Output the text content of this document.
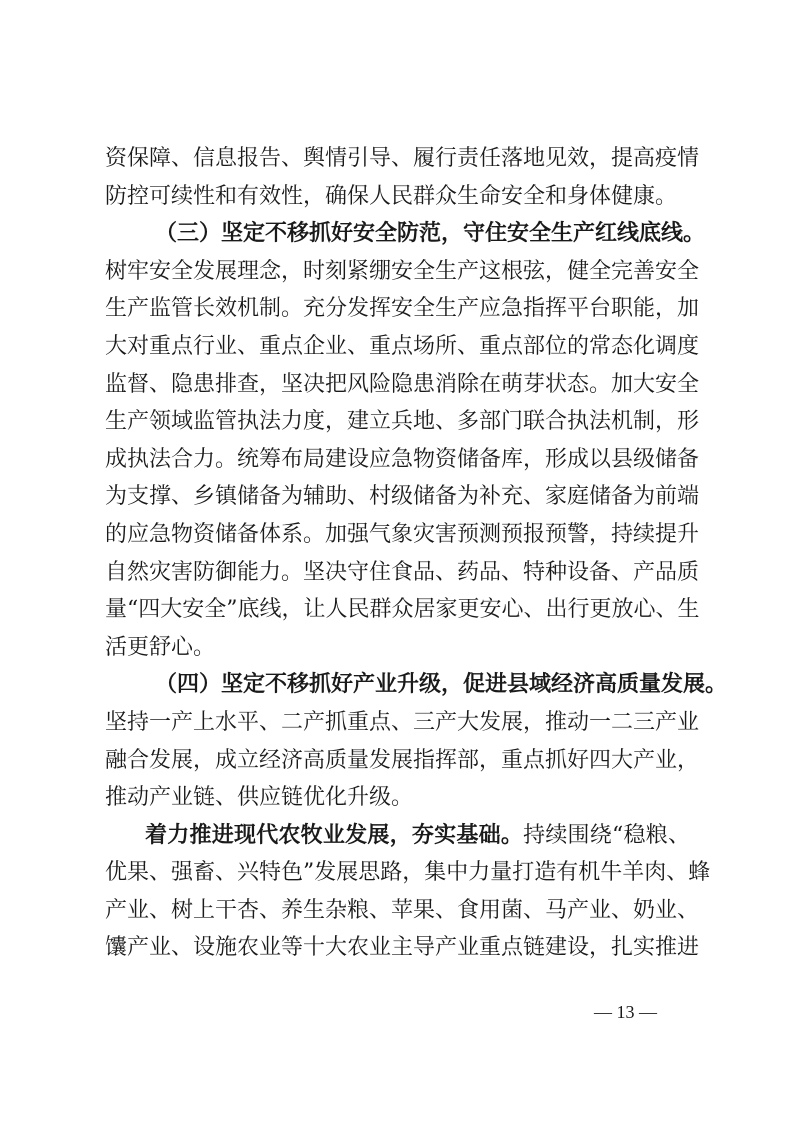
资保障、信息报告、舆情引导、履行责任落地见效，提高疫情
防控可续性和有效性，确保人民群众生命安全和身体健康。
（三）坚定不移抓好安全防范，守住安全生产红线底线。
树牢安全发展理念，时刻紧绷安全生产这根弦，健全完善安全
生产监管长效机制。充分发挥安全生产应急指挥平台职能，加
大对重点行业、重点企业、重点场所、重点部位的常态化调度
监督、隐患排查，坚决把风险隐患消除在萌芽状态。加大安全
生产领域监管执法力度，建立兵地、多部门联合执法机制，形
成执法合力。统筹布局建设应急物资储备库，形成以县级储备
为支撑、乡镇储备为辅助、村级储备为补充、家庭储备为前端
的应急物资储备体系。加强气象灾害预测预报预警，持续提升
自然灾害防御能力。坚决守住食品、药品、特种设备、产品质
量“四大安全”底线，让人民群众居家更安心、出行更放心、生
活更舒心。
（四）坚定不移抓好产业升级，促进县域经济高质量发展。
坚持一产上水平、二产抓重点、三产大发展，推动一二三产业
融合发展，成立经济高质量发展指挥部，重点抓好四大产业，
推动产业链、供应链优化升级。
着力推进现代农牧业发展，夯实基础。持续围绕“稳粮、
优果、强畜、兴特色”发展思路，集中力量打造有机牛羊肉、蜂
产业、树上干杏、养生杂粮、苹果、食用菌、马产业、奶业、
馕产业、设施农业等十大农业主导产业重点链建设，扎实推进
— 13 —
